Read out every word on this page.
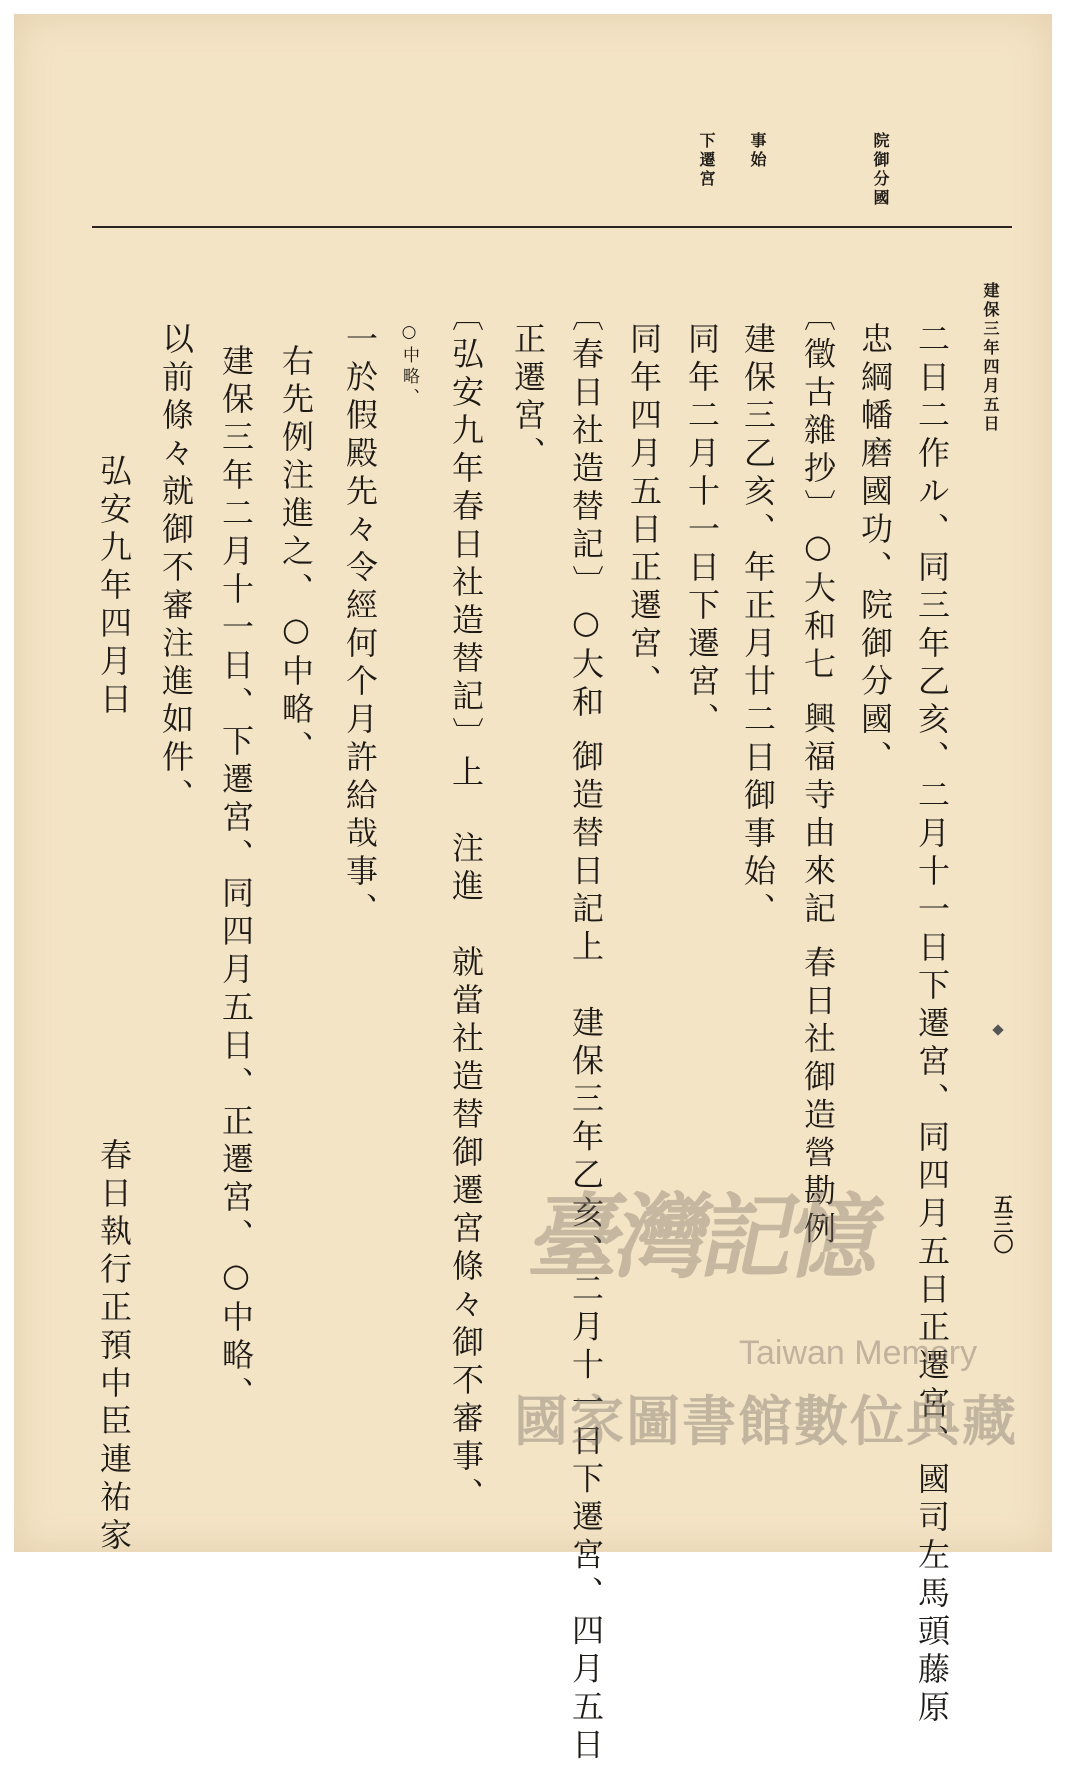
院御分國
事始
下遷宮
建保三年四月五日
二日二作ル、同三年乙亥、二月十一日下遷宮、同四月五日正遷宮、國司左馬頭藤原
忠綱幡磨國功、院御分國、
〔徵古雜抄〕○大和七 興福寺由來記 春日社御造營勘例
建保三乙亥、年正月廿二日御事始、
同年二月十一日下遷宮、
同年四月五日正遷宮、
〔春日社造替記〕○大和 御造替日記上　建保三年乙亥、二月十一日下遷宮、四月五日
正遷宮、
〔弘安九年春日社造替記〕上　注進　就當社造替御遷宮條々御不審事、
○中略、
一於假殿先々令經何个月許給哉事、
右先例注進之、○中略、
建保三年二月十一日、下遷宮、同四月五日、正遷宮、○中略、
以前條々就御不審注進如件、
弘安九年四月日　　　　　　　　　　　春日執行正預中臣連祐家	五三〇
臺灣記憶
Taiwan Memory
國家圖書館數位典藏
